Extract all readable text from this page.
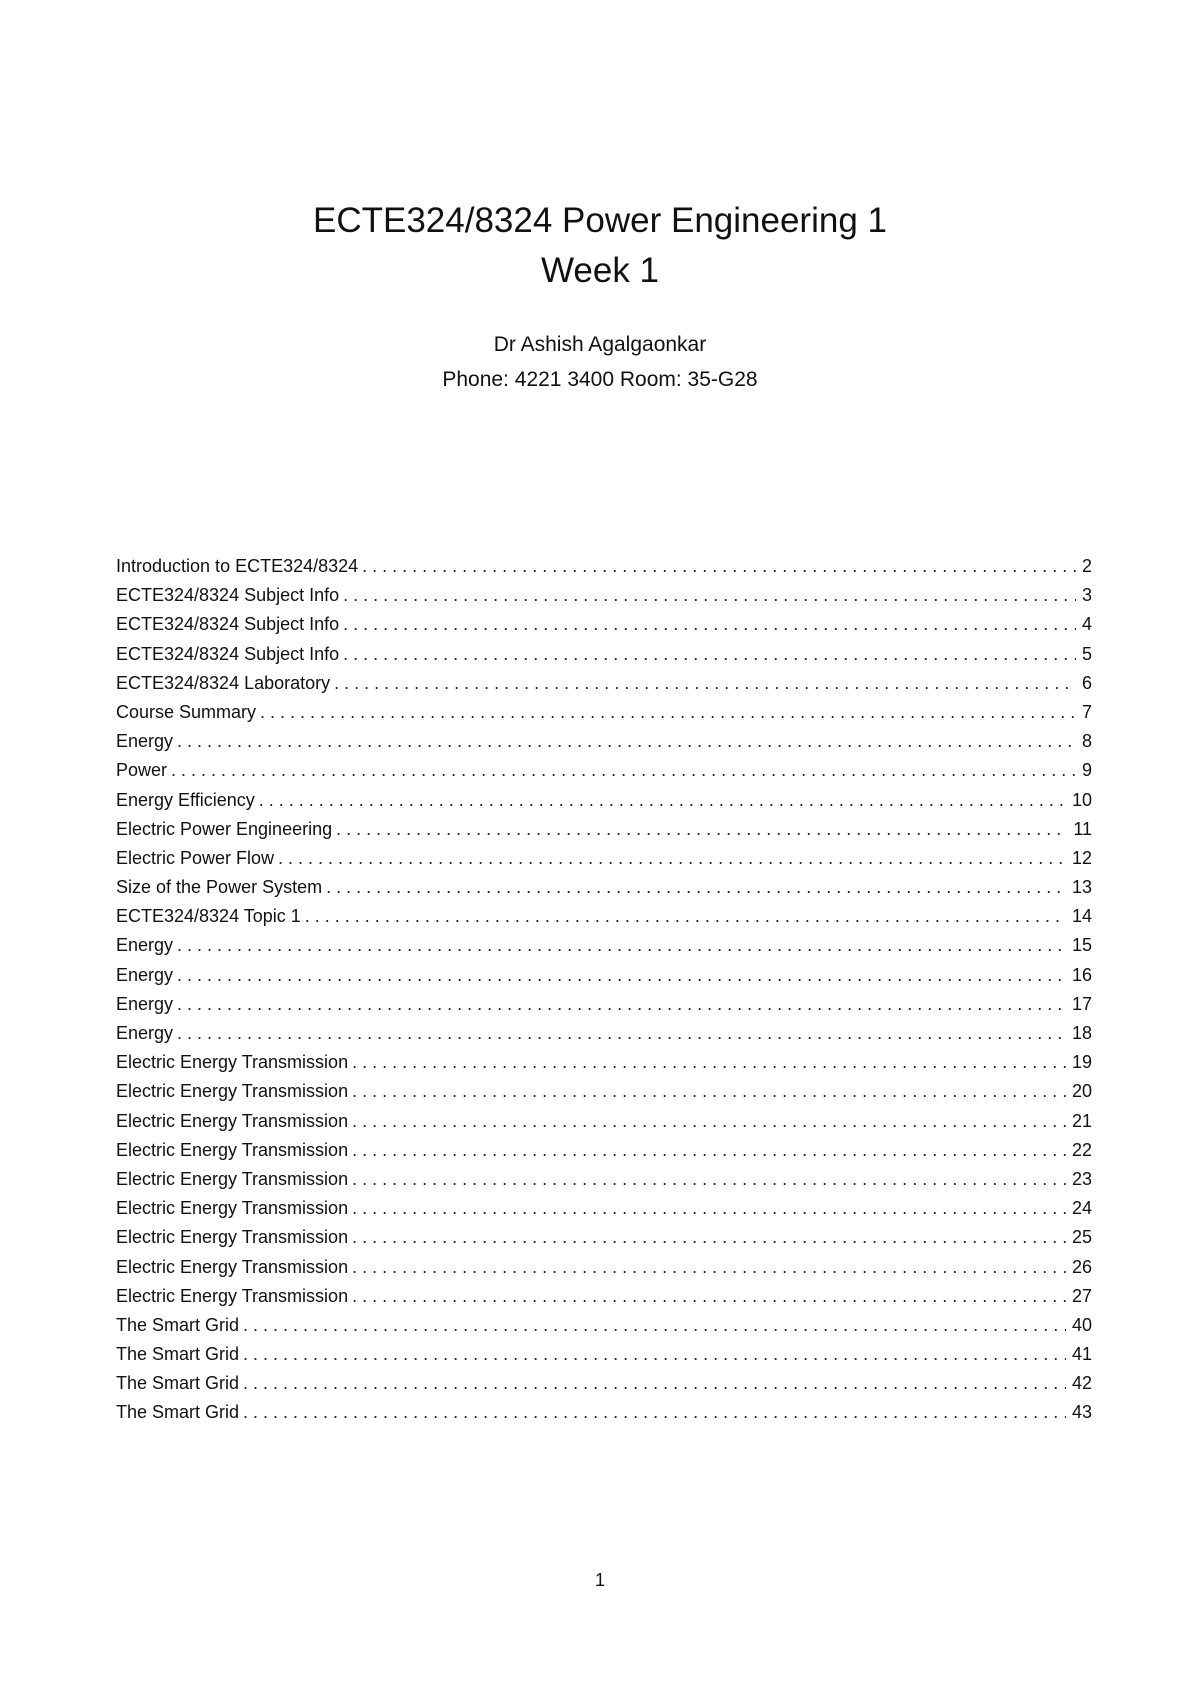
ECTE324/8324 Power Engineering 1
Week 1
Dr Ashish Agalgaonkar
Phone: 4221 3400 Room: 35-G28
Introduction to ECTE324/8324 . . .	2
ECTE324/8324 Subject Info . . .	3
ECTE324/8324 Subject Info . . .	4
ECTE324/8324 Subject Info . . .	5
ECTE324/8324 Laboratory . . .	6
Course Summary . . .	7
Energy . . .	8
Power . . .	9
Energy Efficiency . . .	10
Electric Power Engineering . . .	11
Electric Power Flow . . .	12
Size of the Power System . . .	13
ECTE324/8324 Topic 1 . . .	14
Energy . . .	15
Energy . . .	16
Energy . . .	17
Energy . . .	18
Electric Energy Transmission . . .	19
Electric Energy Transmission . . .	20
Electric Energy Transmission . . .	21
Electric Energy Transmission . . .	22
Electric Energy Transmission . . .	23
Electric Energy Transmission . . .	24
Electric Energy Transmission . . .	25
Electric Energy Transmission . . .	26
Electric Energy Transmission . . .	27
The Smart Grid . . .	40
The Smart Grid . . .	41
The Smart Grid . . .	42
The Smart Grid . . .	43
1
